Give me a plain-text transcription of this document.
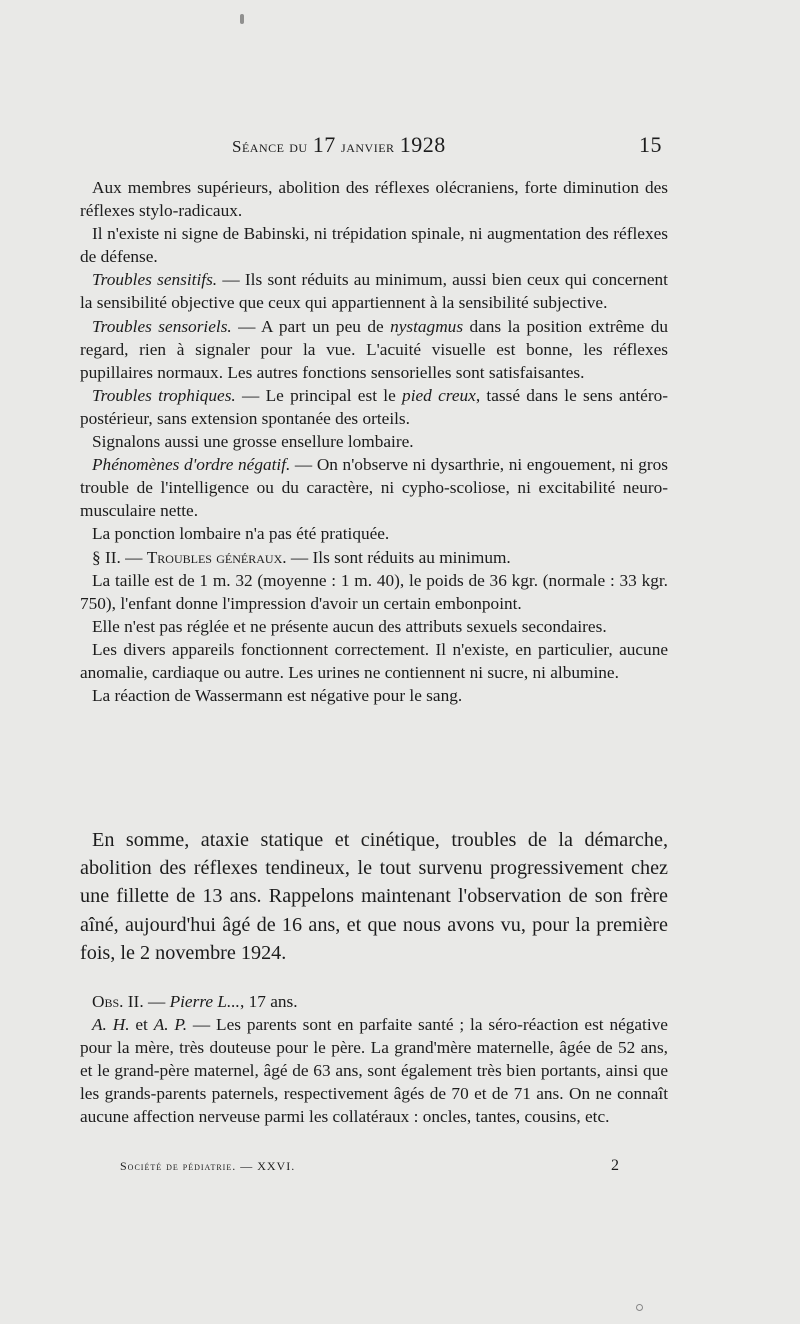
Séance du 17 janvier 1928	15

Aux membres supérieurs, abolition des réflexes olécraniens, forte diminution des réflexes stylo-radicaux.

Il n'existe ni signe de Babinski, ni trépidation spinale, ni augmentation des réflexes de défense.

Troubles sensitifs. — Ils sont réduits au minimum, aussi bien ceux qui concernent la sensibilité objective que ceux qui appartiennent à la sensibilité subjective.

Troubles sensoriels. — A part un peu de nystagmus dans la position extrême du regard, rien à signaler pour la vue. L'acuité visuelle est bonne, les réflexes pupillaires normaux. Les autres fonctions sensorielles sont satisfaisantes.

Troubles trophiques. — Le principal est le pied creux, tassé dans le sens antéro-postérieur, sans extension spontanée des orteils.

Signalons aussi une grosse ensellure lombaire.

Phénomènes d'ordre négatif. — On n'observe ni dysarthrie, ni engouement, ni gros trouble de l'intelligence ou du caractère, ni cypho-scoliose, ni excitabilité neuro-musculaire nette.

La ponction lombaire n'a pas été pratiquée.

§ II. — Troubles généraux. — Ils sont réduits au minimum.

La taille est de 1 m. 32 (moyenne : 1 m. 40), le poids de 36 kgr. (normale : 33 kgr. 750), l'enfant donne l'impression d'avoir un certain embonpoint.

Elle n'est pas réglée et ne présente aucun des attributs sexuels secondaires.

Les divers appareils fonctionnent correctement. Il n'existe, en particulier, aucune anomalie, cardiaque ou autre. Les urines ne contiennent ni sucre, ni albumine.

La réaction de Wassermann est négative pour le sang.

En somme, ataxie statique et cinétique, troubles de la démarche, abolition des réflexes tendineux, le tout survenu progressivement chez une fillette de 13 ans. Rappelons maintenant l'observation de son frère aîné, aujourd'hui âgé de 16 ans, et que nous avons vu, pour la première fois, le 2 novembre 1924.

Obs. II. — Pierre L..., 17 ans.

A. H. et A. P. — Les parents sont en parfaite santé ; la séro-réaction est négative pour la mère, très douteuse pour le père. La grand'mère maternelle, âgée de 52 ans, et le grand-père maternel, âgé de 63 ans, sont également très bien portants, ainsi que les grands-parents paternels, respectivement âgés de 70 et de 71 ans. On ne connaît aucune affection nerveuse parmi les collatéraux : oncles, tantes, cousins, etc.

Société de pédiatrie. — XXVI.	2
